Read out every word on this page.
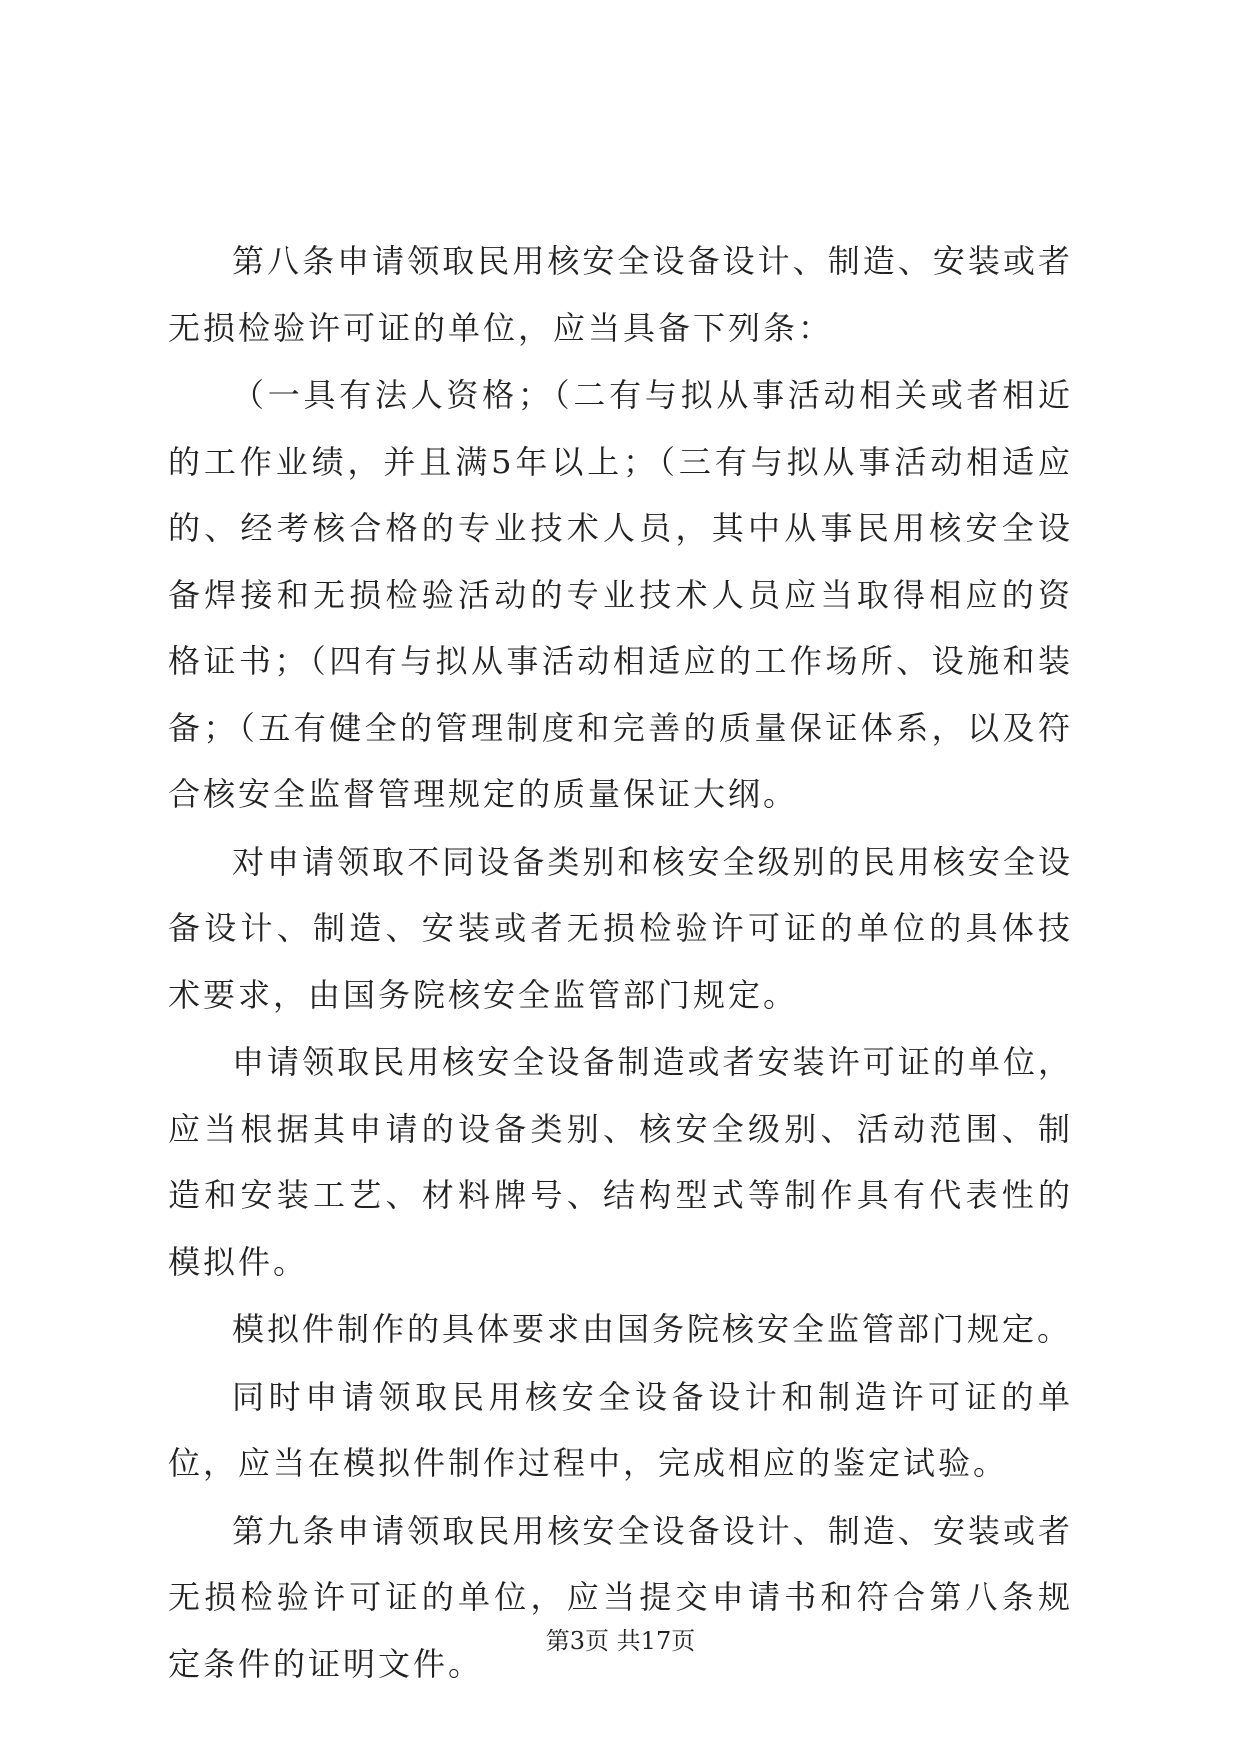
第八条申请领取民用核安全设备设计、制造、安装或者无损检验许可证的单位，应当具备下列条：

（一具有法人资格；（二有与拟从事活动相关或者相近的工作业绩，并且满5年以上；（三有与拟从事活动相适应的、经考核合格的专业技术人员，其中从事民用核安全设备焊接和无损检验活动的专业技术人员应当取得相应的资格证书；（四有与拟从事活动相适应的工作场所、设施和装备；（五有健全的管理制度和完善的质量保证体系，以及符合核安全监督管理规定的质量保证大纲。

对申请领取不同设备类别和核安全级别的民用核安全设备设计、制造、安装或者无损检验许可证的单位的具体技术要求，由国务院核安全监管部门规定。

申请领取民用核安全设备制造或者安装许可证的单位，应当根据其申请的设备类别、核安全级别、活动范围、制造和安装工艺、材料牌号、结构型式等制作具有代表性的模拟件。

模拟件制作的具体要求由国务院核安全监管部门规定。

同时申请领取民用核安全设备设计和制造许可证的单位，应当在模拟件制作过程中，完成相应的鉴定试验。

第九条申请领取民用核安全设备设计、制造、安装或者无损检验许可证的单位，应当提交申请书和符合第八条规定条件的证明文件。

第3页 共17页
